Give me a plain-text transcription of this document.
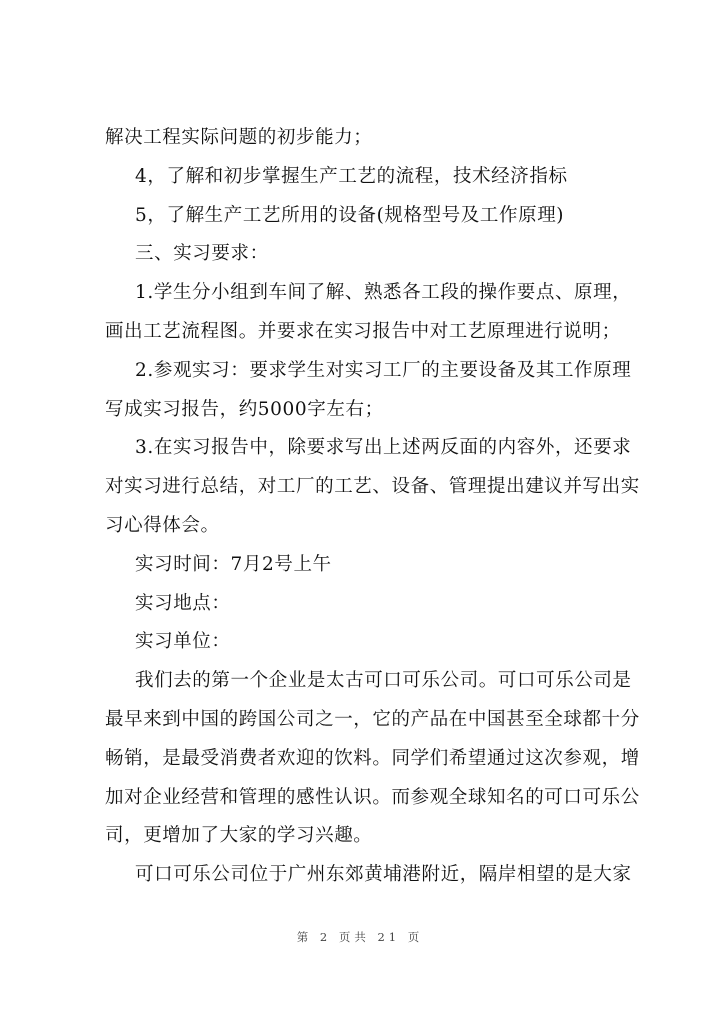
解决工程实际问题的初步能力；
4，了解和初步掌握生产工艺的流程，技术经济指标
5，了解生产工艺所用的设备(规格型号及工作原理)
三、实习要求：
1.学生分小组到车间了解、熟悉各工段的操作要点、原理，
画出工艺流程图。并要求在实习报告中对工艺原理进行说明；
2.参观实习：要求学生对实习工厂的主要设备及其工作原理
写成实习报告，约5000字左右；
3.在实习报告中，除要求写出上述两反面的内容外，还要求
对实习进行总结，对工厂的工艺、设备、管理提出建议并写出实
习心得体会。
实习时间：7月2号上午
实习地点：
实习单位：
我们去的第一个企业是太古可口可乐公司。可口可乐公司是
最早来到中国的跨国公司之一，它的产品在中国甚至全球都十分
畅销，是最受消费者欢迎的饮料。同学们希望通过这次参观，增
加对企业经营和管理的感性认识。而参观全球知名的可口可乐公
司，更增加了大家的学习兴趣。
可口可乐公司位于广州东郊黄埔港附近，隔岸相望的是大家
第 2 页共 21 页
